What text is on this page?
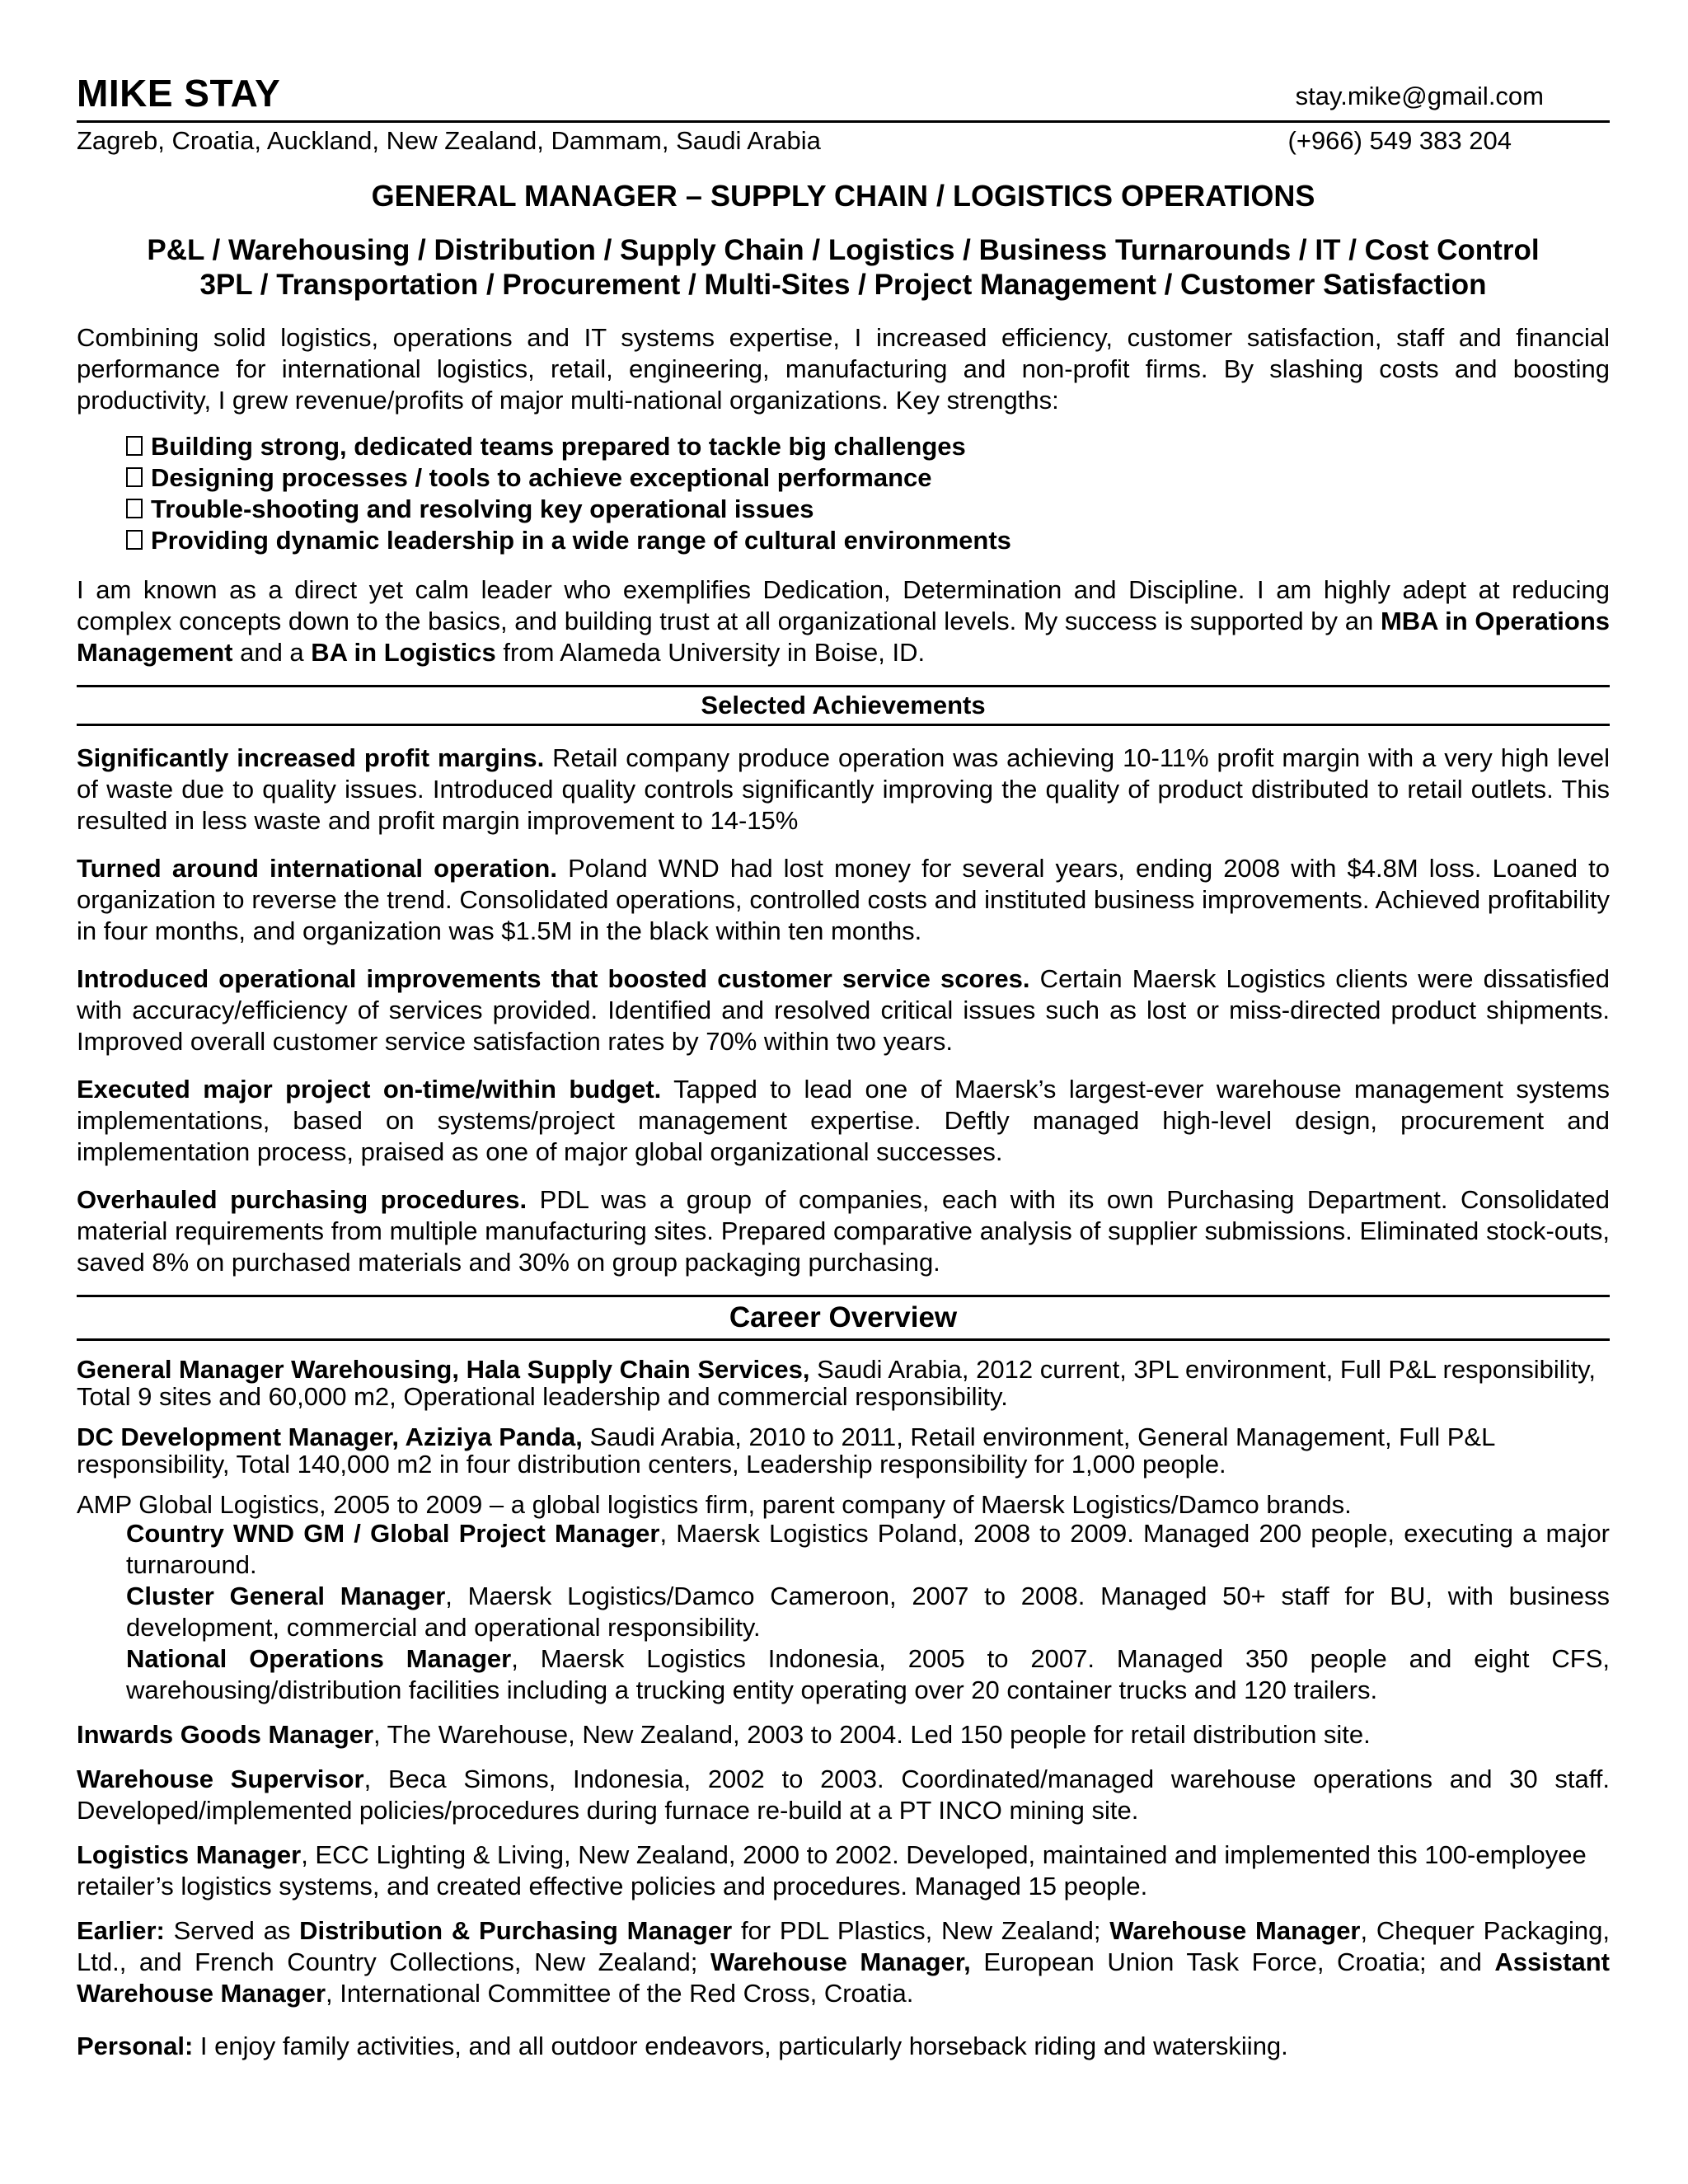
MIKE STAY	stay.mike@gmail.com
Zagreb, Croatia, Auckland, New Zealand, Dammam, Saudi Arabia	(+966) 549 383 204
GENERAL MANAGER – SUPPLY CHAIN / LOGISTICS OPERATIONS
P&L / Warehousing / Distribution / Supply Chain / Logistics / Business Turnarounds / IT / Cost Control
3PL / Transportation / Procurement / Multi-Sites / Project Management / Customer Satisfaction

Combining solid logistics, operations and IT systems expertise, I increased efficiency, customer satisfaction, staff and financial performance for international logistics, retail, engineering, manufacturing and non-profit firms. By slashing costs and boosting productivity, I grew revenue/profits of major multi-national organizations. Key strengths:

Building strong, dedicated teams prepared to tackle big challenges
Designing processes / tools to achieve exceptional performance
Trouble-shooting and resolving key operational issues
Providing dynamic leadership in a wide range of cultural environments

I am known as a direct yet calm leader who exemplifies Dedication, Determination and Discipline. I am highly adept at reducing complex concepts down to the basics, and building trust at all organizational levels. My success is supported by an MBA in Operations Management and a BA in Logistics from Alameda University in Boise, ID.

Selected Achievements

Significantly increased profit margins. Retail company produce operation was achieving 10-11% profit margin with a very high level of waste due to quality issues. Introduced quality controls significantly improving the quality of product distributed to retail outlets. This resulted in less waste and profit margin improvement to 14-15%

Turned around international operation. Poland WND had lost money for several years, ending 2008 with $4.8M loss. Loaned to organization to reverse the trend. Consolidated operations, controlled costs and instituted business improvements. Achieved profitability in four months, and organization was $1.5M in the black within ten months.

Introduced operational improvements that boosted customer service scores. Certain Maersk Logistics clients were dissatisfied with accuracy/efficiency of services provided. Identified and resolved critical issues such as lost or miss-directed product shipments. Improved overall customer service satisfaction rates by 70% within two years.

Executed major project on-time/within budget. Tapped to lead one of Maersk’s largest-ever warehouse management systems implementations, based on systems/project management expertise. Deftly managed high-level design, procurement and implementation process, praised as one of major global organizational successes.

Overhauled purchasing procedures. PDL was a group of companies, each with its own Purchasing Department. Consolidated material requirements from multiple manufacturing sites. Prepared comparative analysis of supplier submissions. Eliminated stock-outs, saved 8% on purchased materials and 30% on group packaging purchasing.

Career Overview

General Manager Warehousing, Hala Supply Chain Services, Saudi Arabia, 2012 current, 3PL environment, Full P&L responsibility, Total 9 sites and 60,000 m2, Operational leadership and commercial responsibility.

DC Development Manager, Aziziya Panda, Saudi Arabia, 2010 to 2011, Retail environment, General Management, Full P&L responsibility, Total 140,000 m2 in four distribution centers, Leadership responsibility for 1,000 people.

AMP Global Logistics, 2005 to 2009 – a global logistics firm, parent company of Maersk Logistics/Damco brands.

Country WND GM / Global Project Manager, Maersk Logistics Poland, 2008 to 2009. Managed 200 people, executing a major turnaround.

Cluster General Manager, Maersk Logistics/Damco Cameroon, 2007 to 2008. Managed 50+ staff for BU, with business development, commercial and operational responsibility.

National Operations Manager, Maersk Logistics Indonesia, 2005 to 2007. Managed 350 people and eight CFS, warehousing/distribution facilities including a trucking entity operating over 20 container trucks and 120 trailers.

Inwards Goods Manager, The Warehouse, New Zealand, 2003 to 2004. Led 150 people for retail distribution site.

Warehouse Supervisor, Beca Simons, Indonesia, 2002 to 2003. Coordinated/managed warehouse operations and 30 staff. Developed/implemented policies/procedures during furnace re-build at a PT INCO mining site.

Logistics Manager, ECC Lighting & Living, New Zealand, 2000 to 2002. Developed, maintained and implemented this 100-employee retailer’s logistics systems, and created effective policies and procedures. Managed 15 people.

Earlier: Served as Distribution & Purchasing Manager for PDL Plastics, New Zealand; Warehouse Manager, Chequer Packaging, Ltd., and French Country Collections, New Zealand; Warehouse Manager, European Union Task Force, Croatia; and Assistant Warehouse Manager, International Committee of the Red Cross, Croatia.

Personal: I enjoy family activities, and all outdoor endeavors, particularly horseback riding and waterskiing.
